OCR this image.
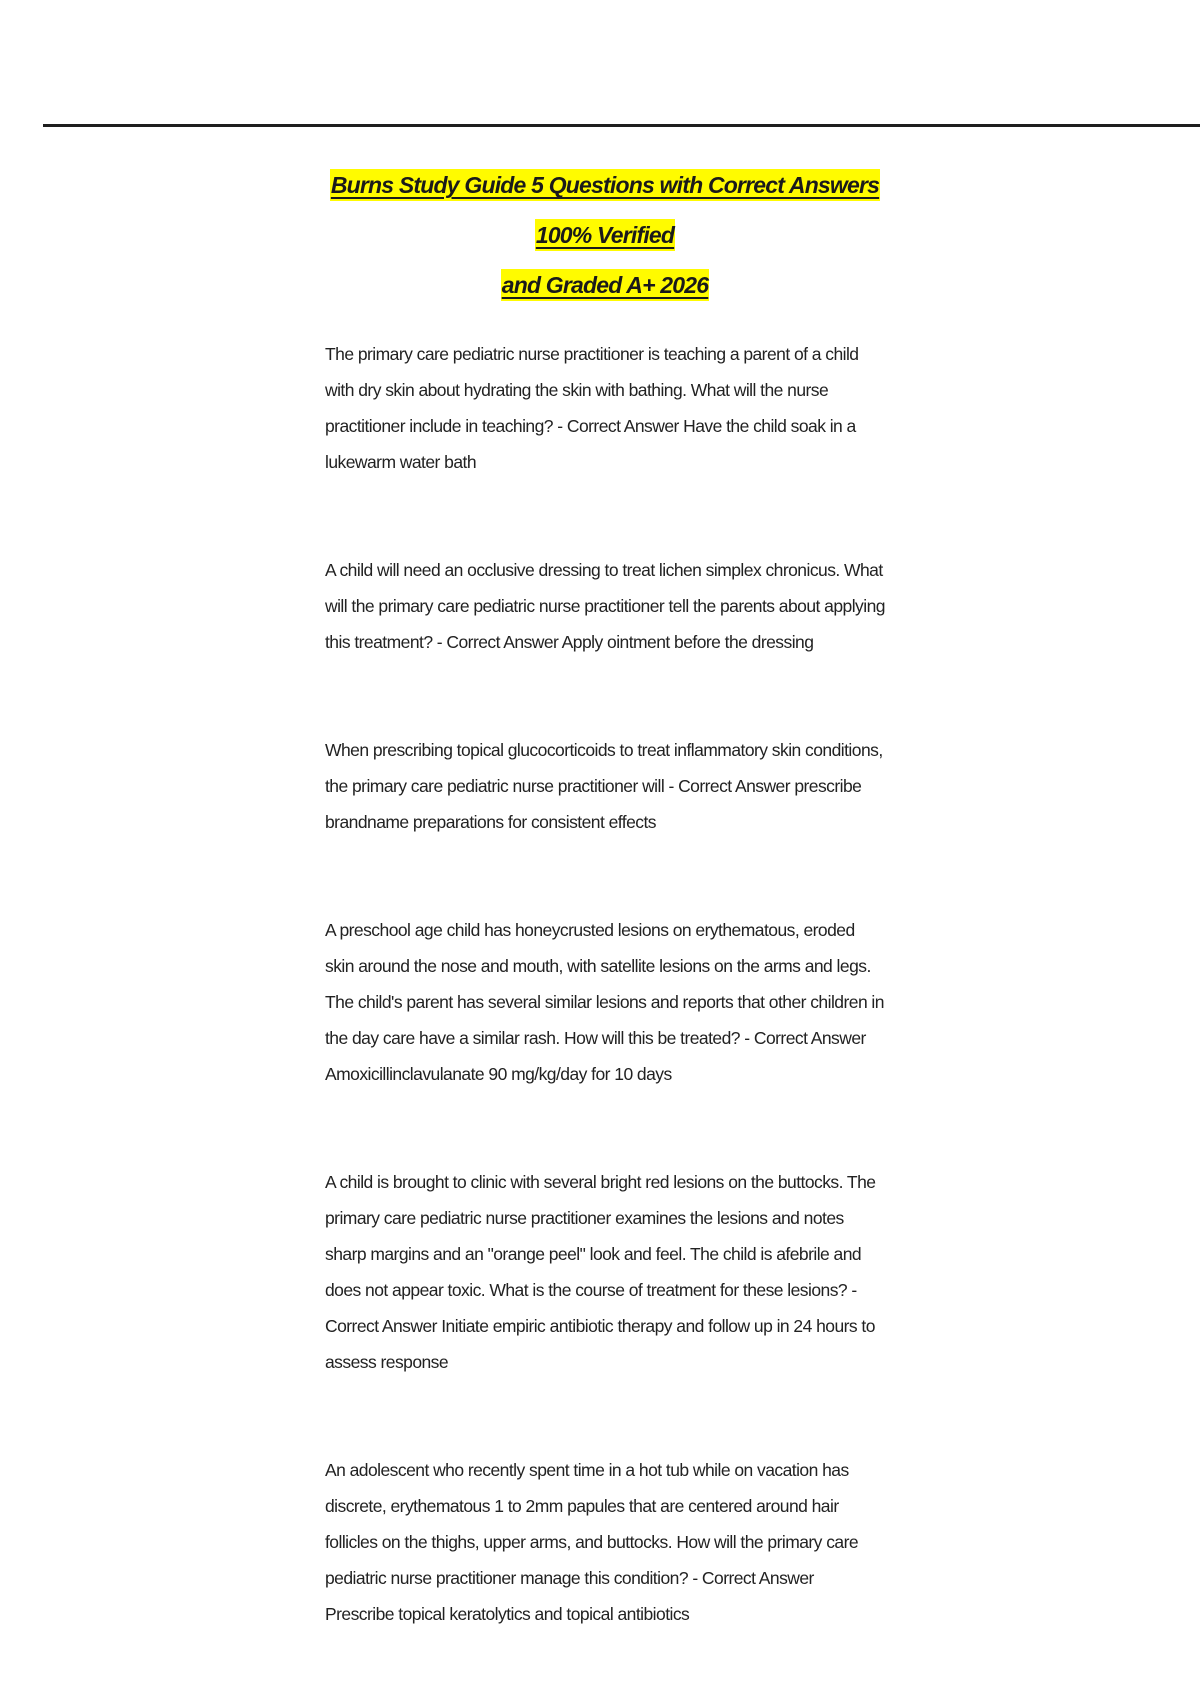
Burns Study Guide 5 Questions with Correct Answers 100% Verified
and Graded A+ 2026
The primary care pediatric nurse practitioner is teaching a parent of a child with dry skin about hydrating the skin with bathing. What will the nurse practitioner include in teaching? - Correct Answer Have the child soak in a lukewarm water bath
A child will need an occlusive dressing to treat lichen simplex chronicus. What will the primary care pediatric nurse practitioner tell the parents about applying this treatment? - Correct Answer Apply ointment before the dressing
When prescribing topical glucocorticoids to treat inflammatory skin conditions, the primary care pediatric nurse practitioner will - Correct Answer prescribe brandname preparations for consistent effects
A preschool age child has honeycrusted lesions on erythematous, eroded skin around the nose and mouth, with satellite lesions on the arms and legs. The child's parent has several similar lesions and reports that other children in the day care have a similar rash. How will this be treated? - Correct Answer Amoxicillinclavulanate 90 mg/kg/day for 10 days
A child is brought to clinic with several bright red lesions on the buttocks. The primary care pediatric nurse practitioner examines the lesions and notes sharp margins and an "orange peel" look and feel. The child is afebrile and does not appear toxic. What is the course of treatment for these lesions? - Correct Answer Initiate empiric antibiotic therapy and follow up in 24 hours to assess response
An adolescent who recently spent time in a hot tub while on vacation has discrete, erythematous 1 to 2mm papules that are centered around hair follicles on the thighs, upper arms, and buttocks. How will the primary care pediatric nurse practitioner manage this condition? - Correct Answer Prescribe topical keratolytics and topical antibiotics
